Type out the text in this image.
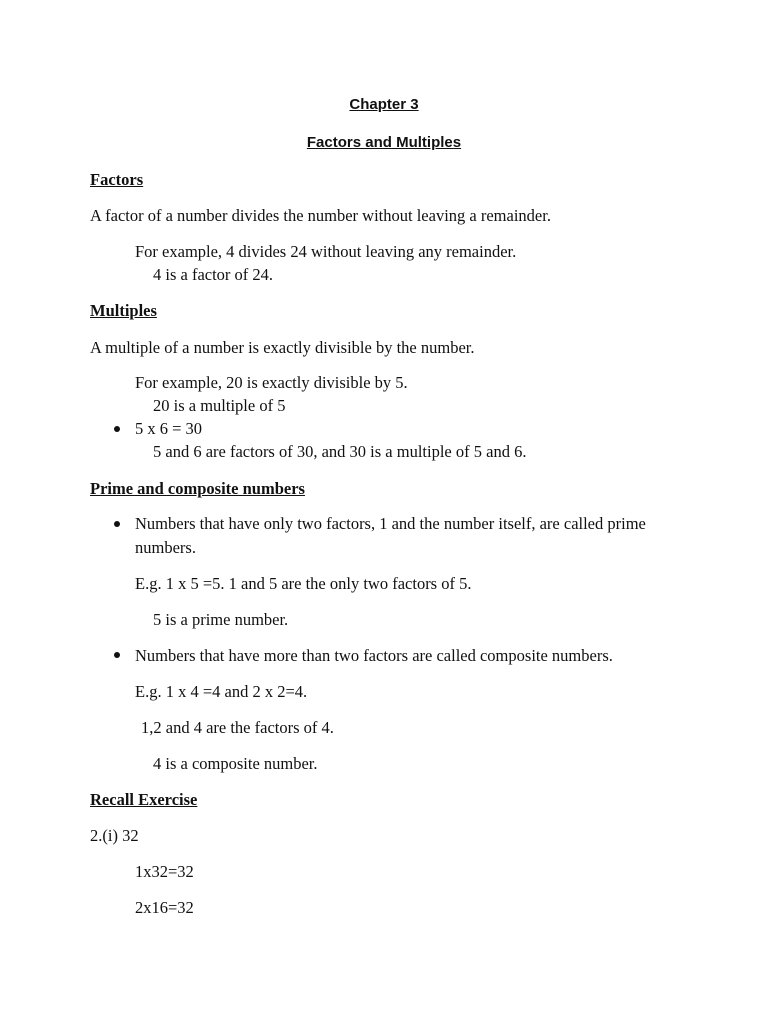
Chapter 3

Factors and Multiples

Factors

A factor of a number divides the number without leaving a remainder.

For example, 4 divides 24 without leaving any remainder.

4 is a factor of 24.

Multiples

A multiple of a number is exactly divisible by the number.

For example, 20 is exactly divisible by 5.

20 is a multiple of 5

5 x 6 = 30

5 and 6 are factors of 30, and 30 is a multiple of 5 and 6.

Prime and composite numbers

Numbers that have only two factors, 1 and the number itself, are called prime

numbers.

E.g. 1 x 5 =5. 1 and 5 are the only two factors of 5.

5 is a prime number.

Numbers that have more than two factors are called composite numbers.

E.g. 1 x 4 =4 and 2 x 2=4.

1,2 and 4 are the factors of 4.

4 is a composite number.

Recall Exercise

2.(i) 32

1x32=32

2x16=32
